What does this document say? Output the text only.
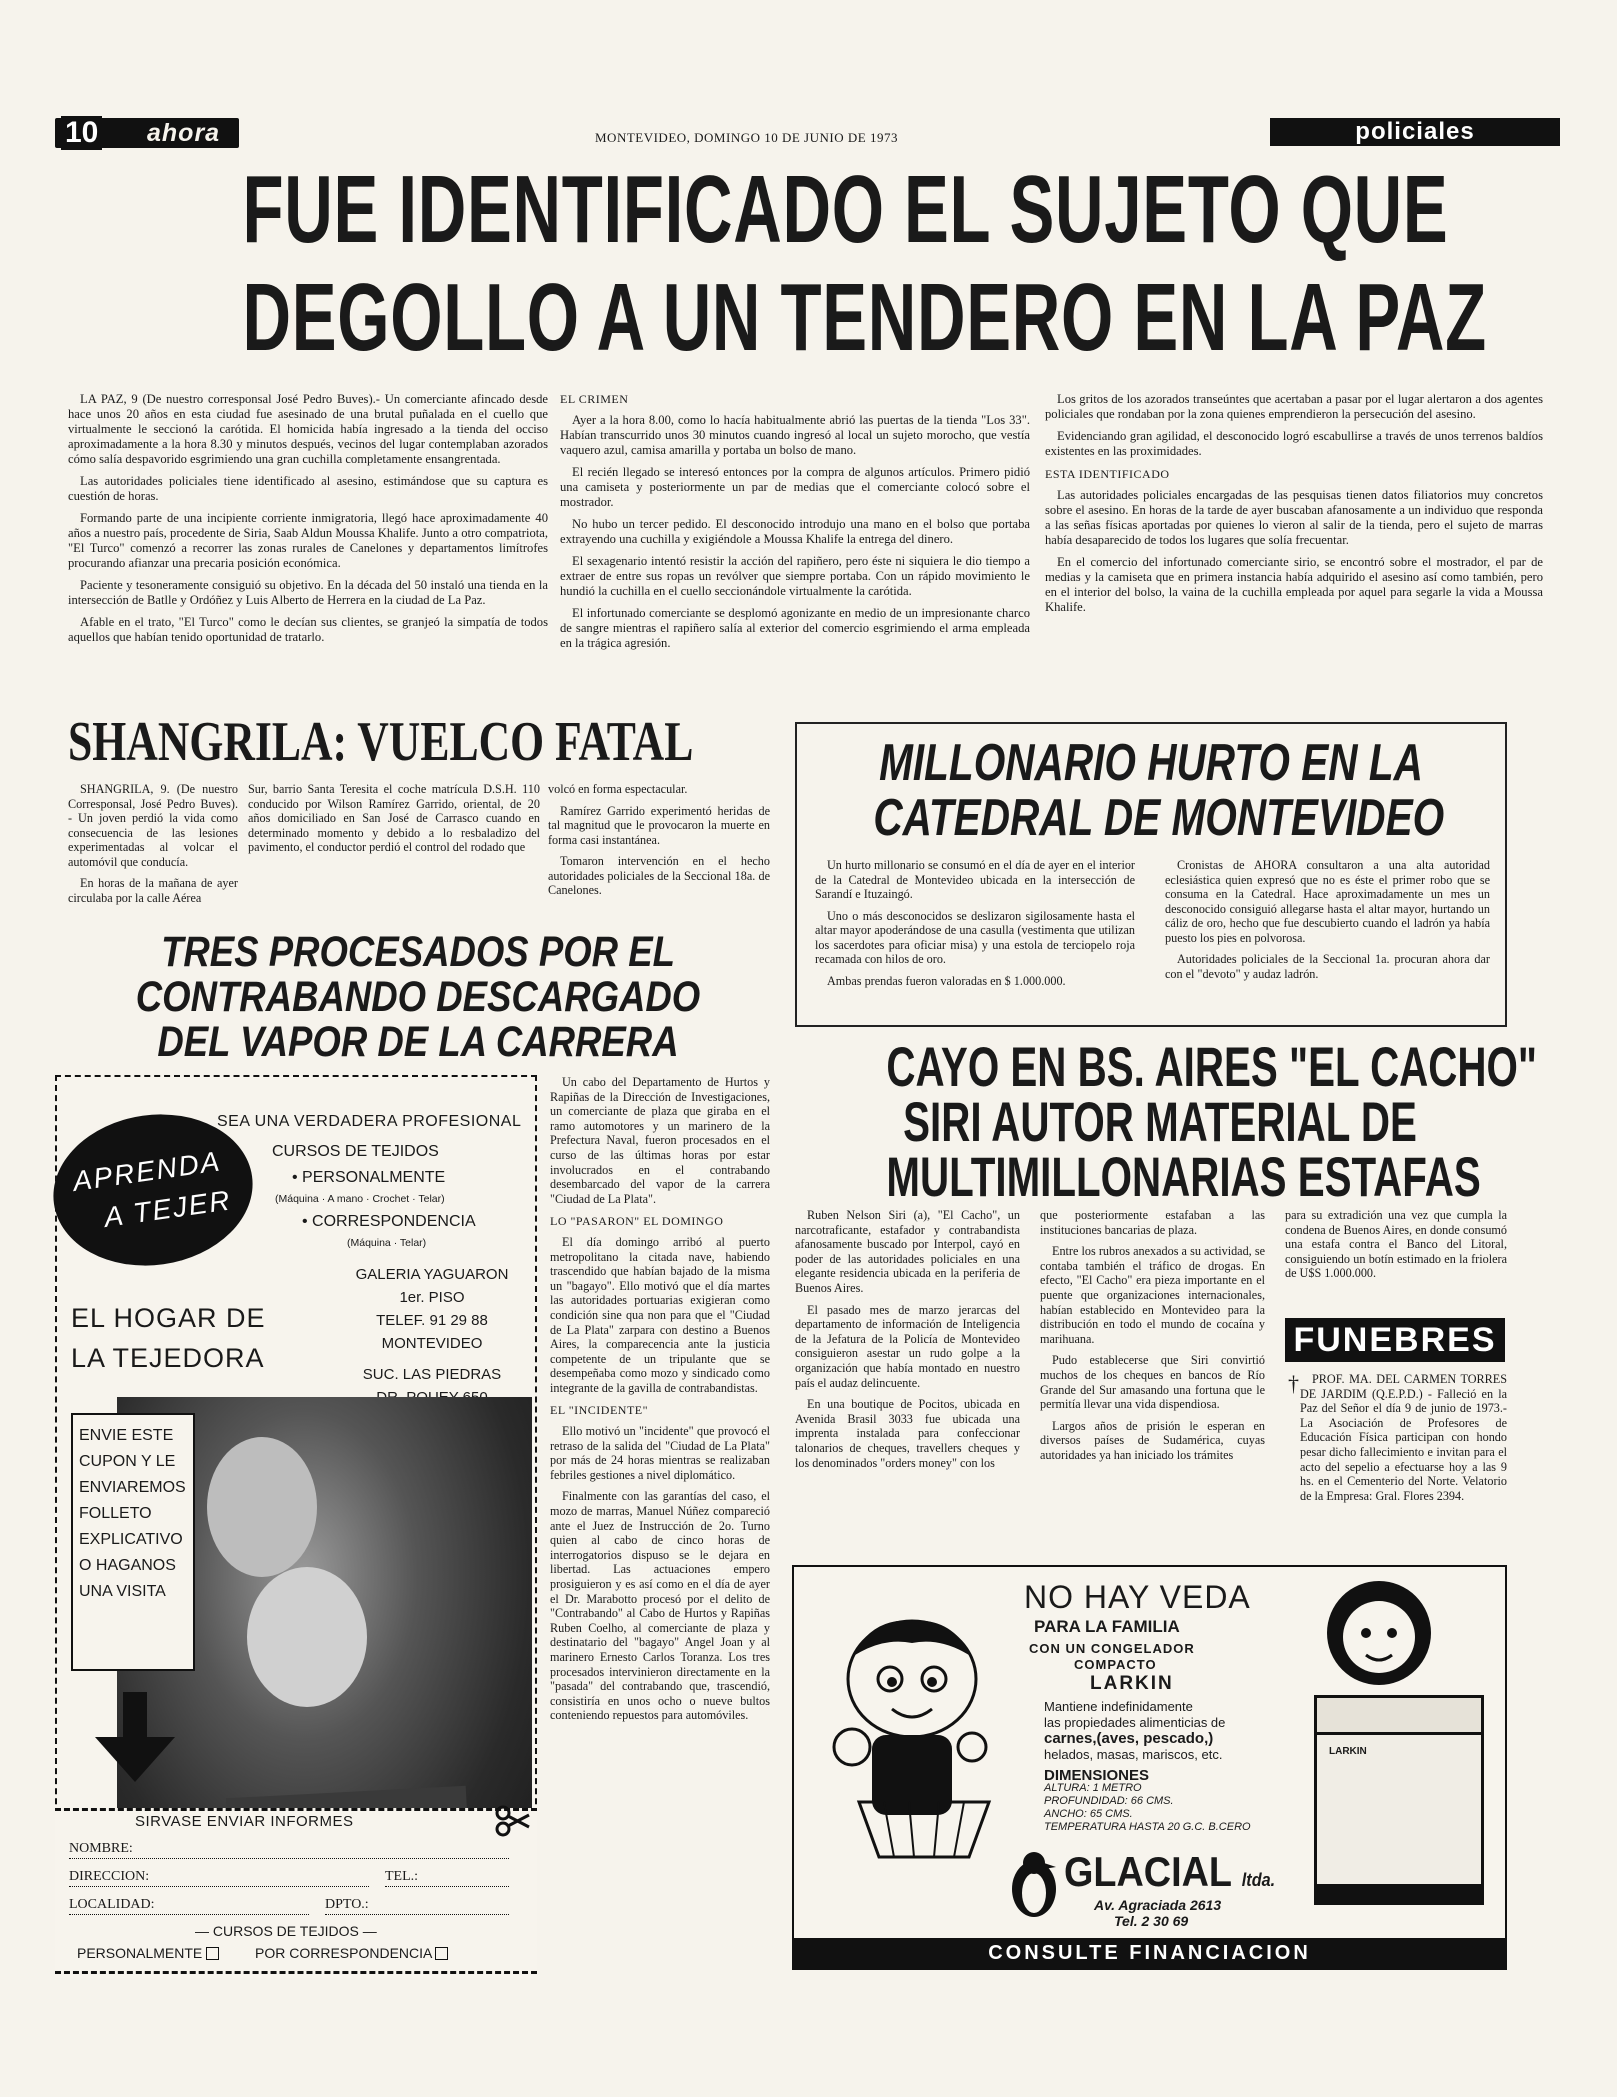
10 ahora	MONTEVIDEO, DOMINGO 10 DE JUNIO DE 1973	policiales
FUE IDENTIFICADO EL SUJETO QUE
DEGOLLO A UN TENDERO EN LA PAZ

LA PAZ, 9 (De nuestro corresponsal José Pedro Buves).- Un comerciante afincado desde hace unos 20 años en esta ciudad fue asesinado de una brutal puñalada en el cuello que virtualmente le seccionó la carótida. El homicida había ingresado a la tienda del occiso aproximadamente a la hora 8.30 y minutos después, vecinos del lugar contemplaban azorados cómo salía despavorido esgrimiendo una gran cuchilla completamente ensangrentada.

Las autoridades policiales tiene identificado al asesino, estimándose que su captura es cuestión de horas.

Formando parte de una incipiente corriente inmigratoria, llegó hace aproximadamente 40 años a nuestro país, procedente de Siria, Saab Aldun Moussa Khalife. Junto a otro compatriota, "El Turco" comenzó a recorrer las zonas rurales de Canelones y departamentos limítrofes procurando afianzar una precaria posición económica.

Paciente y tesoneramente consiguió su objetivo. En la década del 50 instaló una tienda en la intersección de Batlle y Ordóñez y Luis Alberto de Herrera en la ciudad de La Paz.

Afable en el trato, "El Turco" como le decían sus clientes, se granjeó la simpatía de todos aquellos que habían tenido oportunidad de tratarlo.

EL CRIMEN

Ayer a la hora 8.00, como lo hacía habitualmente abrió las puertas de la tienda "Los 33". Habían transcurrido unos 30 minutos cuando ingresó al local un sujeto morocho, que vestía vaquero azul, camisa amarilla y portaba un bolso de mano.

El recién llegado se interesó entonces por la compra de algunos artículos. Primero pidió una camiseta y posteriormente un par de medias que el comerciante colocó sobre el mostrador.

No hubo un tercer pedido. El desconocido introdujo una mano en el bolso que portaba extrayendo una cuchilla y exigiéndole a Moussa Khalife la entrega del dinero.

El sexagenario intentó resistir la acción del rapiñero, pero éste ni siquiera le dio tiempo a extraer de entre sus ropas un revólver que siempre portaba. Con un rápido movimiento le hundió la cuchilla en el cuello seccionándole virtualmente la carótida.

El infortunado comerciante se desplomó agonizante en medio de un impresionante charco de sangre mientras el rapiñero salía al exterior del comercio esgrimiendo el arma empleada en la trágica agresión.

Los gritos de los azorados transeúntes que acertaban a pasar por el lugar alertaron a dos agentes policiales que rondaban por la zona quienes emprendieron la persecución del asesino.

Evidenciando gran agilidad, el desconocido logró escabullirse a través de unos terrenos baldíos existentes en las proximidades.

ESTA IDENTIFICADO

Las autoridades policiales encargadas de las pesquisas tienen datos filiatorios muy concretos sobre el asesino. En horas de la tarde de ayer buscaban afanosamente a un individuo que responda a las señas físicas aportadas por quienes lo vieron al salir de la tienda, pero el sujeto de marras había desaparecido de todos los lugares que solía frecuentar.

En el comercio del infortunado comerciante sirio, se encontró sobre el mostrador, el par de medias y la camiseta que en primera instancia había adquirido el asesino así como también, pero en el interior del bolso, la vaina de la cuchilla empleada por aquel para segarle la vida a Moussa Khalife.

SHANGRILA: VUELCO FATAL

SHANGRILA, 9. (De nuestro Corresponsal, José Pedro Buves). - Un joven perdió la vida como consecuencia de las lesiones experimentadas al volcar el automóvil que conducía.

En horas de la mañana de ayer circulaba por la calle Aérea

Sur, barrio Santa Teresita el coche matrícula D.S.H. 110 conducido por Wilson Ramírez Garrido, oriental, de 20 años domiciliado en San José de Carrasco cuando en determinado momento y debido a lo resbaladizo del pavimento, el conductor perdió el control del rodado que

volcó en forma espectacular.

Ramírez Garrido experimentó heridas de tal magnitud que le provocaron la muerte en forma casi instantánea.

Tomaron intervención en el hecho autoridades policiales de la Seccional 18a. de Canelones.

MILLONARIO HURTO EN LA
CATEDRAL DE MONTEVIDEO

Un hurto millonario se consumó en el día de ayer en el interior de la Catedral de Montevideo ubicada en la intersección de Sarandí e Ituzaingó.

Uno o más desconocidos se deslizaron sigilosamente hasta el altar mayor apoderándose de una casulla (vestimenta que utilizan los sacerdotes para oficiar misa) y una estola de terciopelo roja recamada con hilos de oro.

Ambas prendas fueron valoradas en $ 1.000.000.

Cronistas de AHORA consultaron a una alta autoridad eclesiástica quien expresó que no es éste el primer robo que se consuma en la Catedral. Hace aproximadamente un mes un desconocido consiguió allegarse hasta el altar mayor, hurtando un cáliz de oro, hecho que fue descubierto cuando el ladrón ya había puesto los pies en polvorosa.

Autoridades policiales de la Seccional 1a. procuran ahora dar con el "devoto" y audaz ladrón.

TRES PROCESADOS POR EL
CONTRABANDO DESCARGADO
DEL VAPOR DE LA CARRERA

Un cabo del Departamento de Hurtos y Rapiñas de la Dirección de Investigaciones, un comerciante de plaza que giraba en el ramo automotores y un marinero de la Prefectura Naval, fueron procesados en el curso de las últimas horas por estar involucrados en el contrabando desembarcado del vapor de la carrera "Ciudad de La Plata".

LO "PASARON" EL DOMINGO

El día domingo arribó al puerto metropolitano la citada nave, habiendo trascendido que habían bajado de la misma un "bagayo". Ello motivó que el día martes las autoridades portuarias exigieran como condición sine qua non para que el "Ciudad de La Plata" zarpara con destino a Buenos Aires, la comparecencia ante la justicia competente de un tripulante que se desempeñaba como mozo y sindicado como integrante de la gavilla de contrabandistas.

EL "INCIDENTE"

Ello motivó un "incidente" que provocó el retraso de la salida del "Ciudad de La Plata" por más de 24 horas mientras se realizaban febriles gestiones a nivel diplomático.

Finalmente con las garantías del caso, el mozo de marras, Manuel Núñez compareció ante el Juez de Instrucción de 2o. Turno quien al cabo de cinco horas de interrogatorios dispuso se le dejara en libertad. Las actuaciones empero prosiguieron y es así como en el día de ayer el Dr. Marabotto procesó por el delito de "Contrabando" al Cabo de Hurtos y Rapiñas Ruben Coelho, al comerciante de plaza y destinatario del "bagayo" Angel Joan y al marinero Ernesto Carlos Toranza. Los tres procesados intervinieron directamente en la "pasada" del contrabando que, trascendió, consistiría en unos ocho o nueve bultos conteniendo repuestos para automóviles.

SEA UNA VERDADERA PROFESIONAL
CURSOS DE TEJIDOS
• PERSONALMENTE
(Máquina · A mano · Crochet · Telar)
• CORRESPONDENCIA
(Máquina · Telar)
APRENDA
A TEJER
EL HOGAR DE
LA TEJEDORA
GALERIA YAGUARON
1er. PISO
TELEF. 91 29 88
MONTEVIDEO
SUC. LAS PIEDRAS
ENVIE ESTE
CUPON Y LE
ENVIAREMOS
FOLLETO
EXPLICATIVO
O HAGANOS
UNA VISITA
SIRVASE ENVIAR INFORMES
NOMBRE:
DIRECCION:	TEL.:
LOCALIDAD:	DPTO.:
— CURSOS DE TEJIDOS —
PERSONALMENTE	POR CORRESPONDENCIA
CAYO EN BS. AIRES "EL CACHO"
SIRI AUTOR MATERIAL DE
MULTIMILLONARIAS ESTAFAS

Ruben Nelson Siri (a), "El Cacho", un narcotraficante, estafador y contrabandista afanosamente buscado por Interpol, cayó en poder de las autoridades policiales en una elegante residencia ubicada en la periferia de Buenos Aires.

El pasado mes de marzo jerarcas del departamento de información de Inteligencia de la Jefatura de la Policía de Montevideo consiguieron asestar un rudo golpe a la organización que había montado en nuestro país el audaz delincuente.

En una boutique de Pocitos, ubicada en Avenida Brasil 3033 fue ubicada una imprenta instalada para confeccionar talonarios de cheques, travellers cheques y los denominados "orders money" con los

que posteriormente estafaban a las instituciones bancarias de plaza.

Entre los rubros anexados a su actividad, se contaba también el tráfico de drogas. En efecto, "El Cacho" era pieza importante en el puente que organizaciones internacionales, habían establecido en Montevideo para la distribución en todo el mundo de cocaína y marihuana.

Pudo establecerse que Siri convirtió muchos de los cheques en bancos de Río Grande del Sur amasando una fortuna que le permitía llevar una vida dispendiosa.

Largos años de prisión le esperan en diversos países de Sudamérica, cuyas autoridades ya han iniciado los trámites

para su extradición una vez que cumpla la condena de Buenos Aires, en donde consumó una estafa contra el Banco del Litoral, consiguiendo un botín estimado en la friolera de U$S 1.000.000.

FUNEBRES
†	PROF. MA. DEL CARMEN TORRES DE JARDIM (Q.E.P.D.) - Falleció en la Paz del Señor el día 9 de junio de 1973.- La Asociación de Profesores de Educación Física participan con hondo pesar dicho fallecimiento e invitan para el acto del sepelio a efectuarse hoy a las 9 hs. en el Cementerio del Norte. Velatorio de la Empresa: Gral. Flores 2394.
NO HAY VEDA
PARA LA FAMILIA
CON UN CONGELADOR
COMPACTO
LARKIN
Mantiene indefinidamente
las propiedades alimenticias de
carnes,(aves, pescado,)
helados, masas, mariscos, etc.
DIMENSIONES
ALTURA: 1 METRO
PROFUNDIDAD: 66 CMS.
ANCHO: 65 CMS.
TEMPERATURA HASTA 20 G.C. B.CERO
LARKIN
GLACIAL ltda.
Av. Agraciada 2613
Tel. 2 30 69
CONSULTE FINANCIACION
